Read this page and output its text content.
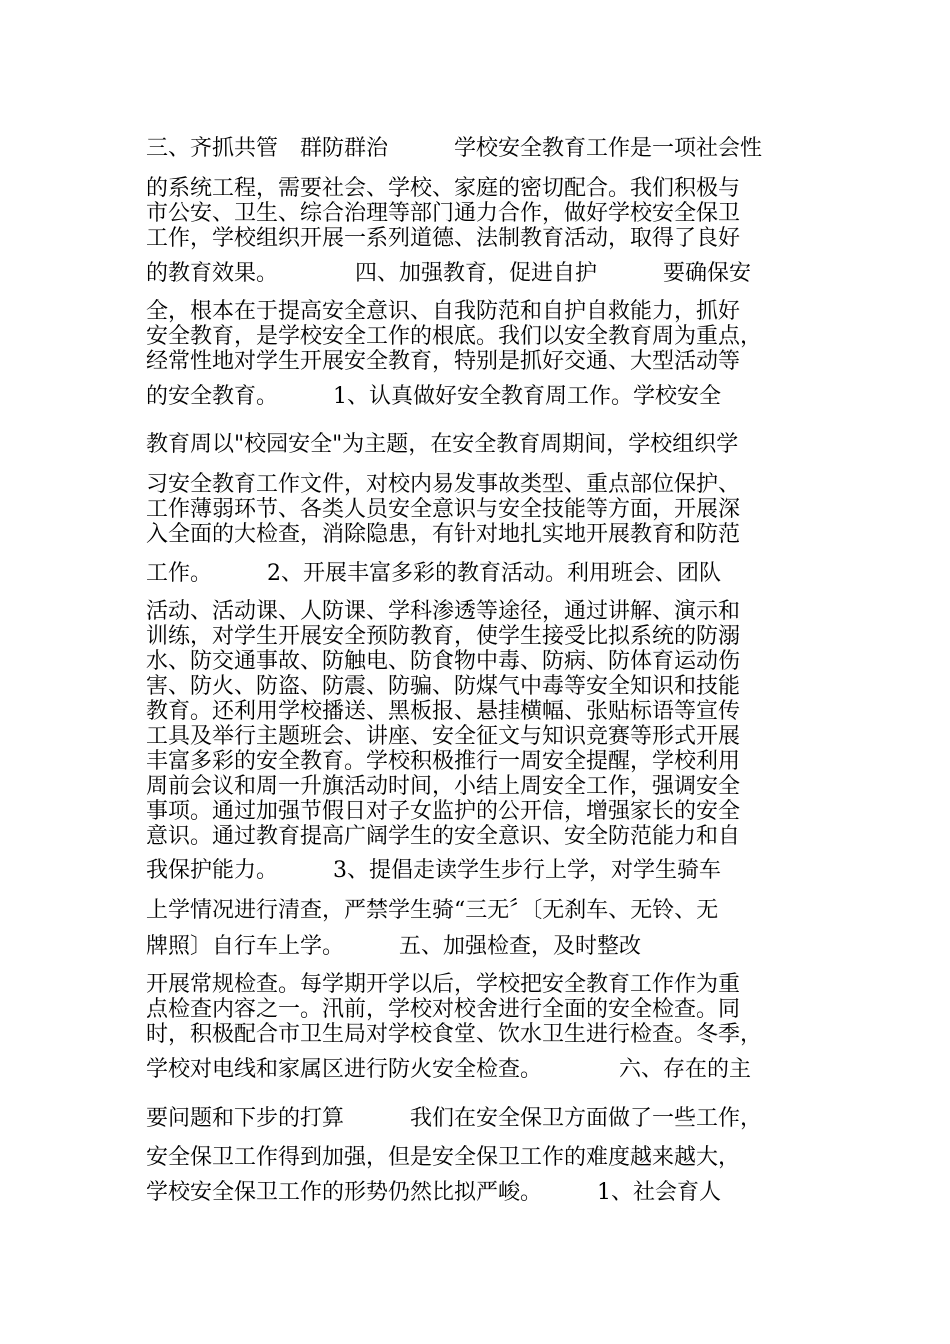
三、齐抓共管　群防群治　　　学校安全教育工作是一项社会性
的系统工程，需要社会、学校、家庭的密切配合。我们积极与
市公安、卫生、综合治理等部门通力合作，做好学校安全保卫
工作，学校组织开展一系列道德、法制教育活动，取得了良好
的教育效果。　　　　四、加强教育，促进自护　　　要确保安
全，根本在于提高安全意识、自我防范和自护自救能力，抓好
安全教育，是学校安全工作的根底。我们以安全教育周为重点，
经常性地对学生开展安全教育，特别是抓好交通、大型活动等
的安全教育。　　　1、认真做好安全教育周工作。学校安全
教育周以"校园安全"为主题，在安全教育周期间，学校组织学
习安全教育工作文件，对校内易发事故类型、重点部位保护、
工作薄弱环节、各类人员安全意识与安全技能等方面，开展深
入全面的大检查，消除隐患，有针对地扎实地开展教育和防范
工作。　　　2、开展丰富多彩的教育活动。利用班会、团队
活动、活动课、人防课、学科渗透等途径，通过讲解、演示和
训练，对学生开展安全预防教育，使学生接受比拟系统的防溺
水、防交通事故、防触电、防食物中毒、防病、防体育运动伤
害、防火、防盗、防震、防骗、防煤气中毒等安全知识和技能
教育。还利用学校播送、黑板报、悬挂横幅、张贴标语等宣传
工具及举行主题班会、讲座、安全征文与知识竞赛等形式开展
丰富多彩的安全教育。学校积极推行一周安全提醒，学校利用
周前会议和周一升旗活动时间，小结上周安全工作，强调安全
事项。通过加强节假日对子女监护的公开信，增强家长的安全
意识。通过教育提高广阔学生的安全意识、安全防范能力和自
我保护能力。　　　3、提倡走读学生步行上学，对学生骑车
上学情况进行清查，严禁学生骑“三无〞〔无刹车、无铃、无
牌照〕自行车上学。　　　五、加强检查，及时整改
开展常规检查。每学期开学以后，学校把安全教育工作作为重
点检查内容之一。汛前，学校对校舍进行全面的安全检查。同
时，积极配合市卫生局对学校食堂、饮水卫生进行检查。冬季，
学校对电线和家属区进行防火安全检查。　　　　六、存在的主
要问题和下步的打算　　　我们在安全保卫方面做了一些工作，
安全保卫工作得到加强，但是安全保卫工作的难度越来越大，
学校安全保卫工作的形势仍然比拟严峻。　　　1、社会育人
